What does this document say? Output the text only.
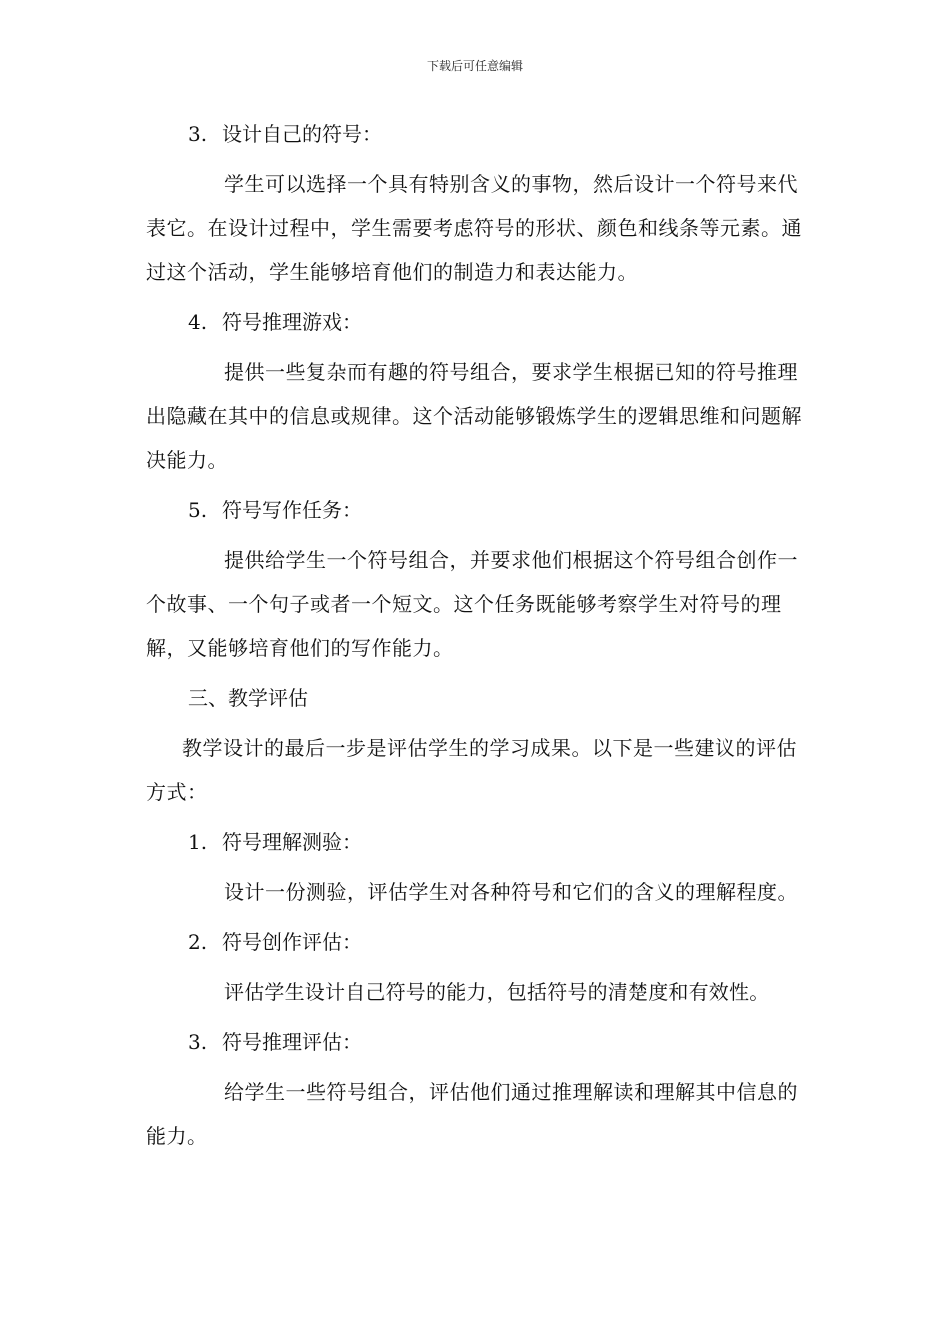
下载后可任意编辑
3. 设计自己的符号：
学生可以选择一个具有特别含义的事物，然后设计一个符号来代表它。在设计过程中，学生需要考虑符号的形状、颜色和线条等元素。通过这个活动，学生能够培育他们的制造力和表达能力。
4. 符号推理游戏：
提供一些复杂而有趣的符号组合，要求学生根据已知的符号推理出隐藏在其中的信息或规律。这个活动能够锻炼学生的逻辑思维和问题解决能力。
5. 符号写作任务：
提供给学生一个符号组合，并要求他们根据这个符号组合创作一个故事、一个句子或者一个短文。这个任务既能够考察学生对符号的理解，又能够培育他们的写作能力。
三、教学评估
教学设计的最后一步是评估学生的学习成果。以下是一些建议的评估方式：
1. 符号理解测验：
设计一份测验，评估学生对各种符号和它们的含义的理解程度。
2. 符号创作评估：
评估学生设计自己符号的能力，包括符号的清楚度和有效性。
3. 符号推理评估：
给学生一些符号组合，评估他们通过推理解读和理解其中信息的能力。
